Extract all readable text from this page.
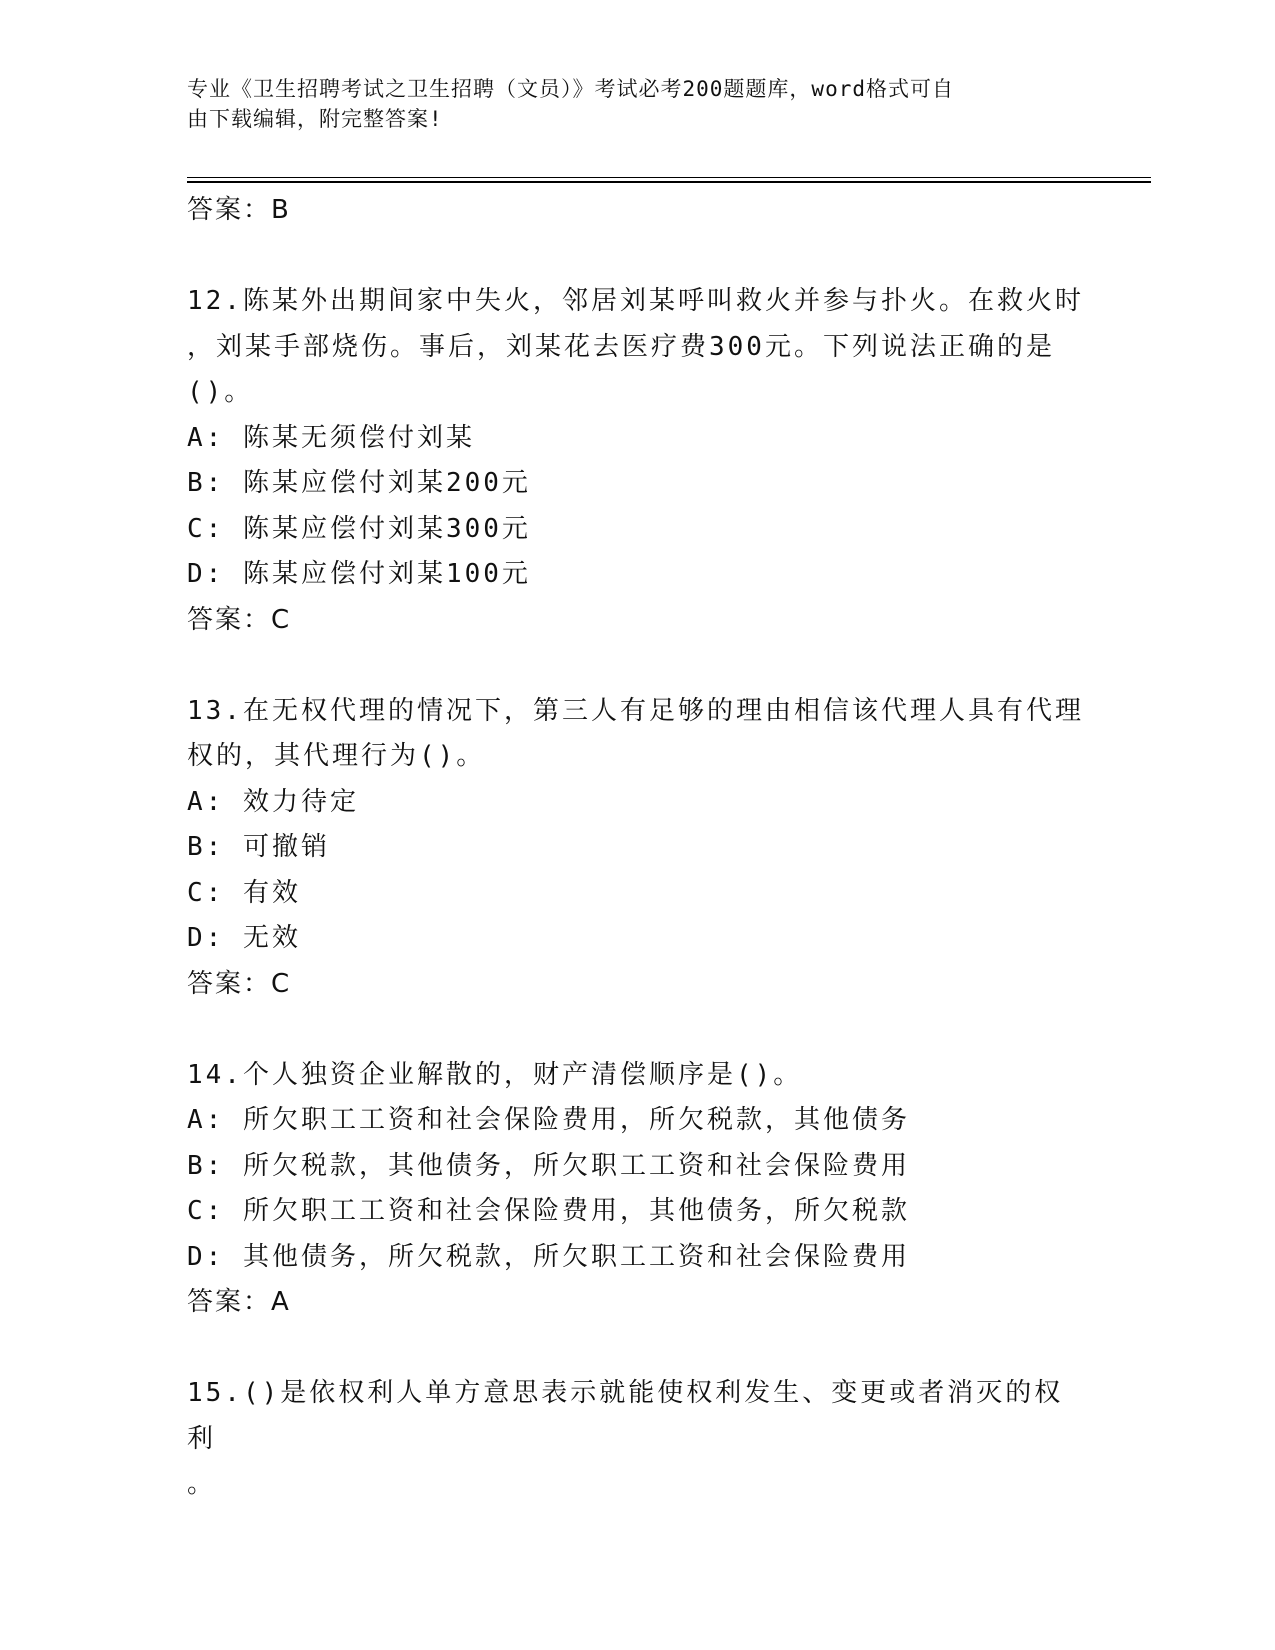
专业《卫生招聘考试之卫生招聘（文员）》考试必考200题题库，word格式可自
由下载编辑，附完整答案!
答案：B
12.陈某外出期间家中失火，邻居刘某呼叫救火并参与扑火。在救火时
，刘某手部烧伤。事后，刘某花去医疗费300元。下列说法正确的是
()。
A: 陈某无须偿付刘某
B: 陈某应偿付刘某200元
C: 陈某应偿付刘某300元
D: 陈某应偿付刘某100元
答案：C
13.在无权代理的情况下，第三人有足够的理由相信该代理人具有代理
权的，其代理行为()。
A: 效力待定
B: 可撤销
C: 有效
D: 无效
答案：C
14.个人独资企业解散的，财产清偿顺序是()。
A: 所欠职工工资和社会保险费用，所欠税款，其他债务
B: 所欠税款，其他债务，所欠职工工资和社会保险费用
C: 所欠职工工资和社会保险费用，其他债务，所欠税款
D: 其他债务，所欠税款，所欠职工工资和社会保险费用
答案：A
15.()是依权利人单方意思表示就能使权利发生、变更或者消灭的权利
。
